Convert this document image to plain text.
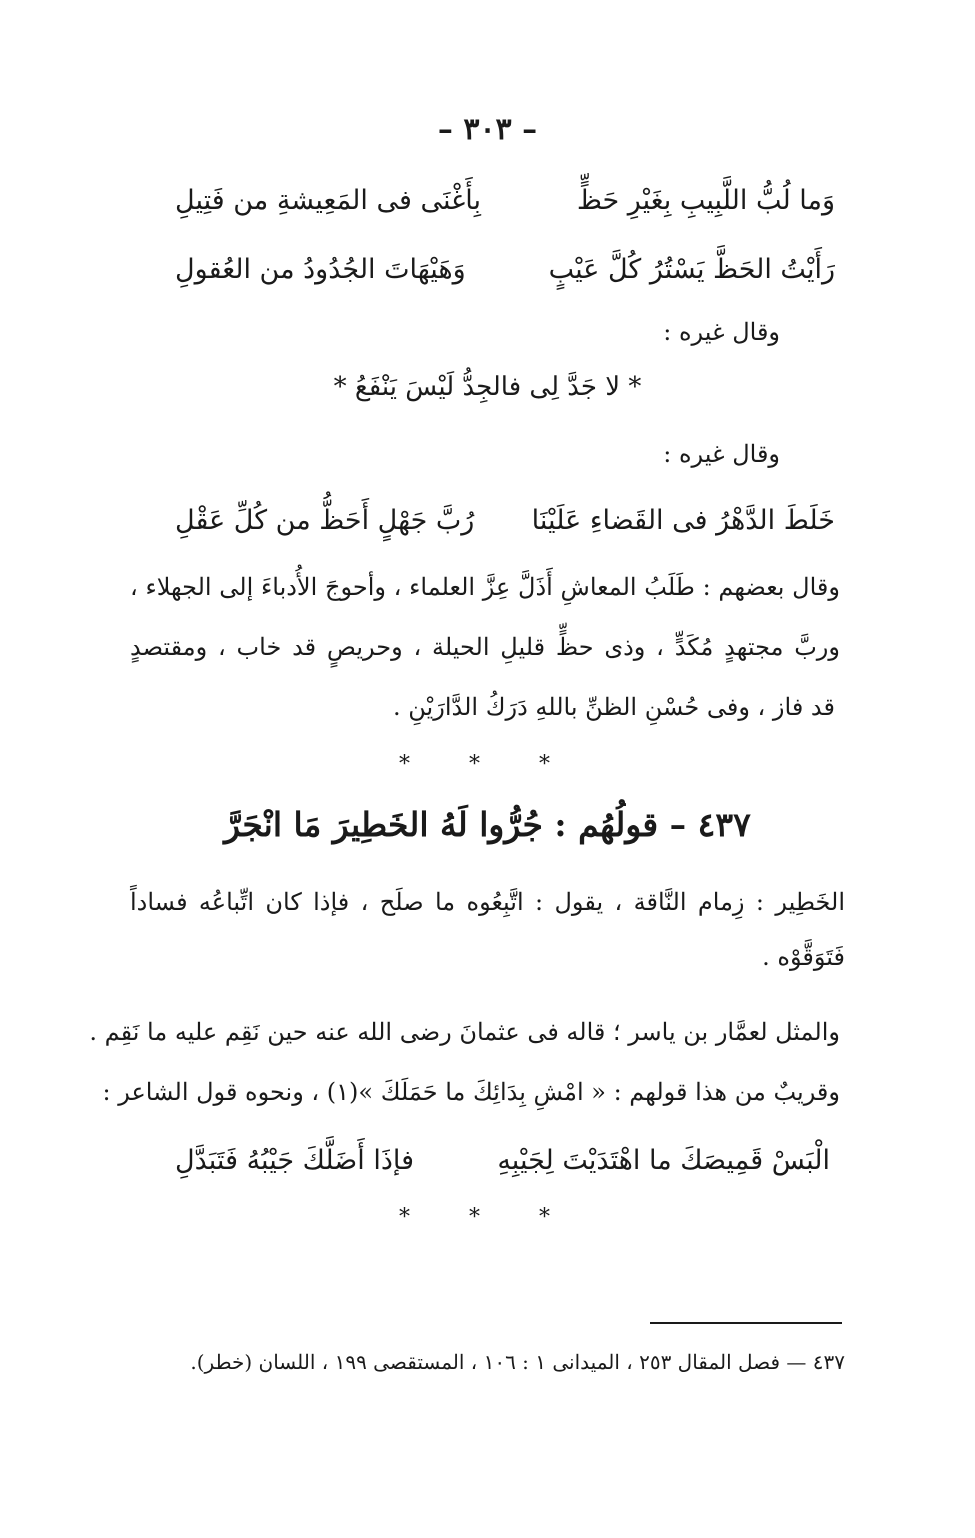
– ٣٠٣ –
وَما لُبُّ اللَّبِيبِ بِغَيْرِ حَظٍّ
بِأَغْنَى فى المَعِيشةِ من فَتِيلِ
رَأَيْتُ الحَظَّ يَسْتُرُ كُلَّ عَيْبٍ
وَهَيْهَاتَ الجُدُودُ من العُقولِ
وقال غيره :
* لا جَدَّ لِى فالجِدُّ لَيْسَ يَنْفَعُ *
وقال غيره :
خَلَطَ الدَّهْرُ فى القَضاءِ عَلَيْنَا
رُبَّ جَهْلٍ أَحَظُّ من كُلِّ عَقْلِ
وقال بعضهم : طَلَبُ المعاشِ أَذَلَّ عِزَّ العلماء ، وأحوجَ الأُدباءَ إلى الجهلاء ،
وربَّ مجتهدٍ مُكَدٍّ ، وذى حظٍّ قليلِ الحيلة ، وحريصٍ قد خاب ، ومقتصدٍ
قد فاز ، وفى حُسْنِ الظنِّ باللهِ دَرَكُ الدَّارَيْنِ .
* * *
٤٣٧ – قولُهُم : جُرُّوا لَهُ الخَطِيرَ مَا انْجَرَّ
الخَطِير : زِمام النَّاقة ، يقول : اتَّبِعُوه ما صلَح ، فإذا كان اتِّباعُه فساداً
فَتَوَقَّوْه .
والمثل لعمَّار بن ياسر ؛ قاله فى عثمانَ رضى الله عنه حين نَقِم عليه ما نَقِم .
وقريبٌ من هذا قولهم : « امْشِ بِدَائِكَ ما حَمَلَكَ »(١) ، ونحوه قول الشاعر :
الْبَسْ قَمِيصَكَ ما اهْتَدَيْتَ لِجَيْبِهِ
فإذَا أَضَلَّكَ جَيْبُهُ فَتَبَدَّلِ
* * *
٤٣٧ — فصل المقال ٢٥٣ ، الميدانى ١ : ١٠٦ ، المستقصى ١٩٩ ، اللسان (خطر).
